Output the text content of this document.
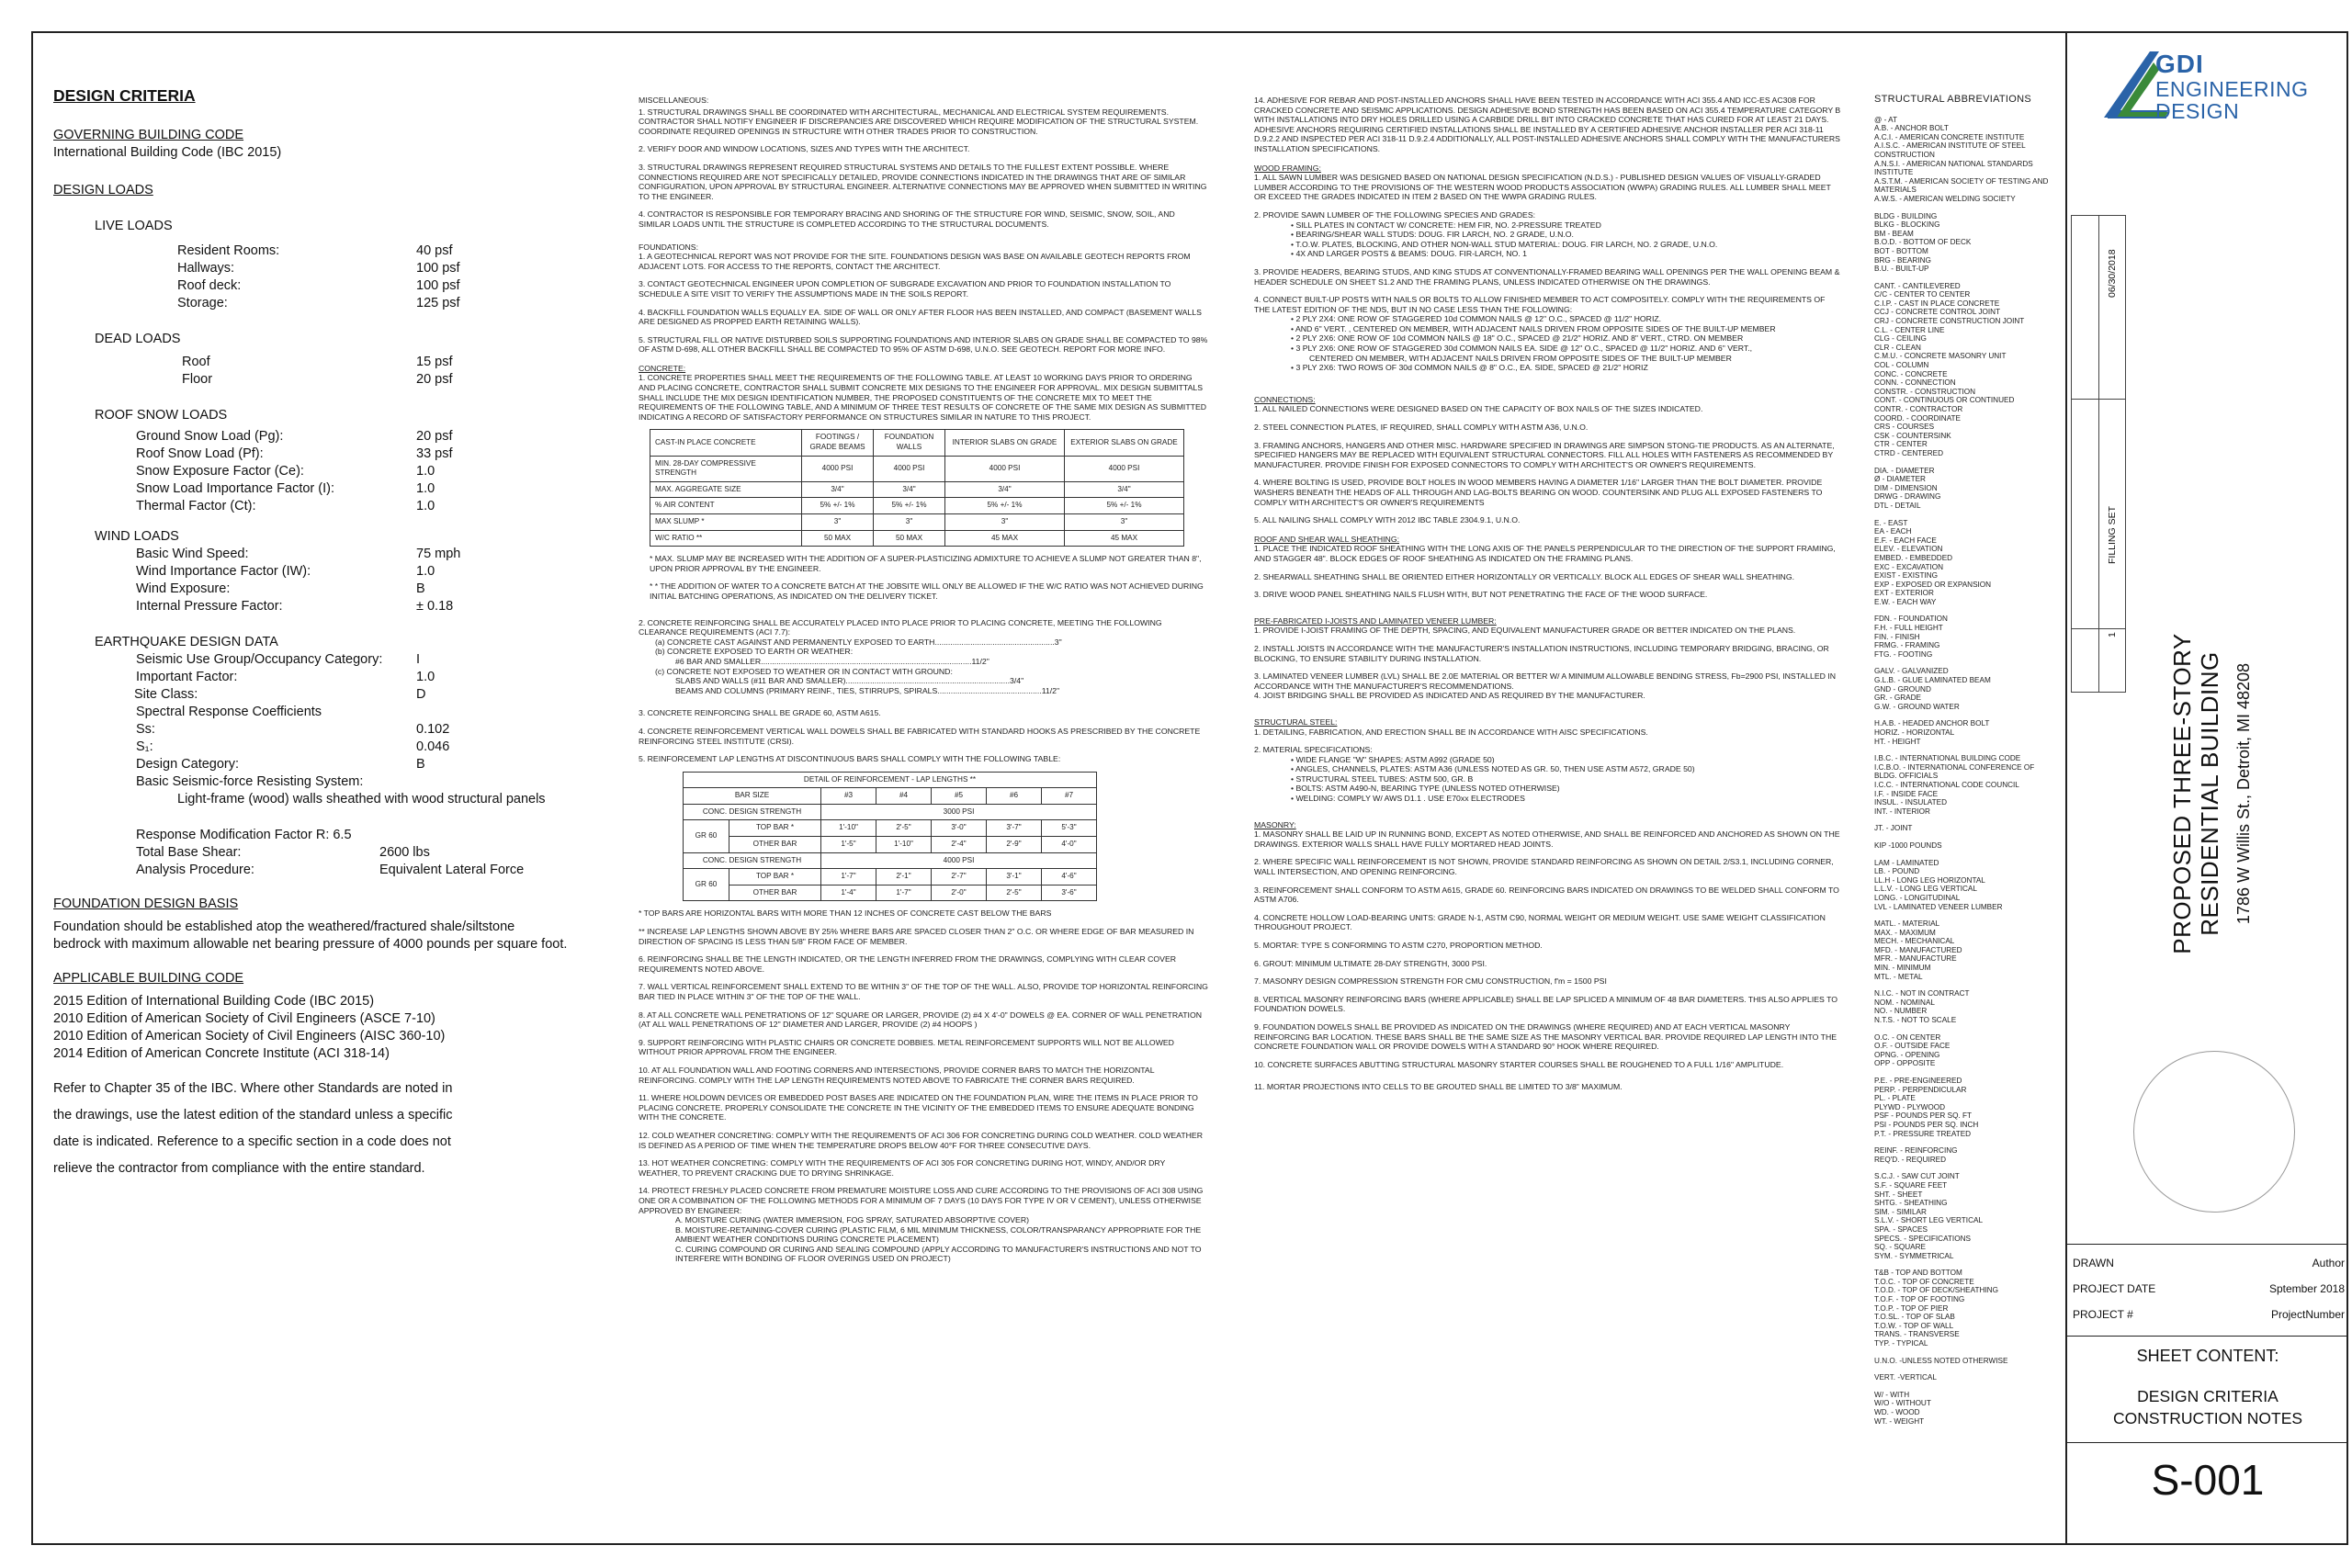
DESIGN CRITERIA
GOVERNING BUILDING CODE
International Building Code (IBC 2015)
DESIGN LOADS
LIVE LOADS
Resident Rooms:	40 psf
Hallways:	100 psf
Roof deck:	100 psf
Storage:	125 psf
DEAD LOADS
Roof	15 psf
Floor	20 psf
ROOF SNOW LOADS
Ground Snow Load (Pg):	20 psf
Roof Snow Load (Pf):	33 psf
Snow Exposure Factor (Ce):	1.0
Snow Load Importance Factor (I):	1.0
Thermal Factor (Ct):	1.0
WIND LOADS
Basic Wind Speed:	75 mph
Wind Importance Factor (IW):	1.0
Wind Exposure:	B
Internal Pressure Factor:	± 0.18
EARTHQUAKE DESIGN DATA
Seismic Use Group/Occupancy Category:	I
Important Factor:	1.0
Site Class:	D
Spectral Response Coefficients
Ss:	0.102
S₁:	0.046
Design Category:	B
Basic Seismic-force Resisting System:
Light-frame (wood) walls sheathed with wood structural panels
Response Modification Factor R: 6.5
Total Base Shear:	2600 lbs
Analysis Procedure:	Equivalent Lateral Force
FOUNDATION DESIGN BASIS
Foundation should be established atop the weathered/fractured shale/siltstone
bedrock with maximum allowable net bearing pressure of 4000 pounds per square foot.
APPLICABLE BUILDING CODE
2015 Edition of International Building Code (IBC 2015)
2010 Edition of American Society of Civil Engineers (ASCE 7-10)
2010 Edition of American Society of Civil Engineers (AISC 360-10)
2014 Edition of American Concrete Institute (ACI 318-14)
Refer to Chapter 35 of the IBC. Where other Standards are noted in
the drawings, use the latest edition of the standard unless a specific
date is indicated. Reference to a specific section in a code does not
relieve the contractor from compliance with the entire standard.
MISCELLANEOUS:
1. STRUCTURAL DRAWINGS SHALL BE COORDINATED WITH ARCHITECTURAL, MECHANICAL AND ELECTRICAL SYSTEM REQUIREMENTS. CONTRACTOR SHALL NOTIFY ENGINEER IF DISCREPANCIES ARE DISCOVERED WHICH REQUIRE MODIFICATION OF THE STRUCTURAL SYSTEM. COORDINATE REQUIRED OPENINGS IN STRUCTURE WITH OTHER TRADES PRIOR TO CONSTRUCTION.
2. VERIFY DOOR AND WINDOW LOCATIONS, SIZES AND TYPES WITH THE ARCHITECT.
3. STRUCTURAL DRAWINGS REPRESENT REQUIRED STRUCTURAL SYSTEMS AND DETAILS TO THE FULLEST EXTENT POSSIBLE. WHERE CONNECTIONS REQUIRED ARE NOT SPECIFICALLY DETAILED, PROVIDE CONNECTIONS INDICATED IN THE DRAWINGS THAT ARE OF SIMILAR CONFIGURATION, UPON APPROVAL BY STRUCTURAL ENGINEER. ALTERNATIVE CONNECTIONS MAY BE APPROVED WHEN SUBMITTED IN WRITING TO THE ENGINEER.
4. CONTRACTOR IS RESPONSIBLE FOR TEMPORARY BRACING AND SHORING OF THE STRUCTURE FOR WIND, SEISMIC, SNOW, SOIL, AND SIMILAR LOADS UNTIL THE STRUCTURE IS COMPLETED ACCORDING TO THE STRUCTURAL DOCUMENTS.
FOUNDATIONS:
1. A GEOTECHNICAL REPORT WAS NOT PROVIDE FOR THE SITE. FOUNDATIONS DESIGN WAS BASE ON AVAILABLE GEOTECH REPORTS FROM ADJACENT LOTS. FOR ACCESS TO THE REPORTS, CONTACT THE ARCHITECT.
3. CONTACT GEOTECHNICAL ENGINEER UPON COMPLETION OF SUBGRADE EXCAVATION AND PRIOR TO FOUNDATION INSTALLATION TO SCHEDULE A SITE VISIT TO VERIFY THE ASSUMPTIONS MADE IN THE SOILS REPORT.
4. BACKFILL FOUNDATION WALLS EQUALLY EA. SIDE OF WALL OR ONLY AFTER FLOOR HAS BEEN INSTALLED, AND COMPACT (BASEMENT WALLS ARE DESIGNED AS PROPPED EARTH RETAINING WALLS).
5. STRUCTURAL FILL OR NATIVE DISTURBED SOILS SUPPORTING FOUNDATIONS AND INTERIOR SLABS ON GRADE SHALL BE COMPACTED TO 98% OF ASTM D-698, ALL OTHER BACKFILL SHALL BE COMPACTED TO 95% OF ASTM D-698, U.N.O. SEE GEOTECH. REPORT FOR MORE INFO.
CONCRETE:
1. CONCRETE PROPERTIES SHALL MEET THE REQUIREMENTS OF THE FOLLOWING TABLE. AT LEAST 10 WORKING DAYS PRIOR TO ORDERING AND PLACING CONCRETE, CONTRACTOR SHALL SUBMIT CONCRETE MIX DESIGNS TO THE ENGINEER FOR APPROVAL. MIX DESIGN SUBMITTALS SHALL INCLUDE THE MIX DESIGN IDENTIFICATION NUMBER, THE PROPOSED CONSTITUENTS OF THE CONCRETE MIX TO MEET THE REQUIREMENTS OF THE FOLLOWING TABLE, AND A MINIMUM OF THREE TEST RESULTS OF CONCRETE OF THE SAME MIX DESIGN AS SUBMITTED INDICATING A RECORD OF SATISFACTORY PERFORMANCE ON STRUCTURES SIMILAR IN NATURE TO THIS PROJECT.
CAST-IN PLACE CONCRETE	FOOTINGS / GRADE BEAMS	FOUNDATION WALLS	INTERIOR SLABS ON GRADE	EXTERIOR SLABS ON GRADE
MIN. 28-DAY COMPRESSIVE STRENGTH	4000 PSI	4000 PSI	4000 PSI	4000 PSI
MAX. AGGREGATE SIZE	3/4"	3/4"	3/4"	3/4"
% AIR CONTENT	5% +/- 1%	5% +/- 1%	5% +/- 1%	5% +/- 1%
MAX SLUMP *	3"	3"	3"	3"
W/C RATIO **	50 MAX	50 MAX	45 MAX	45 MAX
* MAX. SLUMP MAY BE INCREASED WITH THE ADDITION OF A SUPER-PLASTICIZING ADMIXTURE TO ACHIEVE A SLUMP NOT GREATER THAN 8", UPON PRIOR APPROVAL BY THE ENGINEER.
* * THE ADDITION OF WATER TO A CONCRETE BATCH AT THE JOBSITE WILL ONLY BE ALLOWED IF THE W/C RATIO WAS NOT ACHIEVED DURING INITIAL BATCHING OPERATIONS, AS INDICATED ON THE DELIVERY TICKET.
2. CONCRETE REINFORCING SHALL BE ACCURATELY PLACED INTO PLACE PRIOR TO PLACING CONCRETE, MEETING THE FOLLOWING CLEARANCE REQUIREMENTS (ACI 7.7):
(a) CONCRETE CAST AGAINST AND PERMANENTLY EXPOSED TO EARTH......................................................3"
(b) CONCRETE EXPOSED TO EARTH OR WEATHER:
#6 BAR AND SMALLER...............................................................................................11/2"
(c) CONCRETE NOT EXPOSED TO WEATHER OR IN CONTACT WITH GROUND:
SLABS AND WALLS (#11 BAR AND SMALLER)..........................................................................3/4"
BEAMS AND COLUMNS (PRIMARY REINF., TIES, STIRRUPS, SPIRALS...............................................11/2"
3. CONCRETE REINFORCING SHALL BE GRADE 60, ASTM A615.
4. CONCRETE REINFORCEMENT VERTICAL WALL DOWELS SHALL BE FABRICATED WITH STANDARD HOOKS AS PRESCRIBED BY THE CONCRETE REINFORCING STEEL INSTITUTE (CRSI).
5. REINFORCEMENT LAP LENGTHS AT DISCONTINUOUS BARS SHALL COMPLY WITH THE FOLLOWING TABLE:
DETAIL OF REINFORCEMENT - LAP LENGTHS **						
BAR SIZE		#3	#4	#5	#6	#7
CONC. DESIGN STRENGTH		3000 PSI				
GR 60	TOP BAR *	1'-10"	2'-5"	3'-0"	3'-7"	5'-3"
	OTHER BAR	1'-5"	1'-10"	2'-4"	2'-9"	4'-0"
CONC. DESIGN STRENGTH		4000 PSI				
GR 60	TOP BAR *	1'-7"	2'-1"	2'-7"	3'-1"	4'-6"
	OTHER BAR	1'-4"	1'-7"	2'-0"	2'-5"	3'-6"
* TOP BARS ARE HORIZONTAL BARS WITH MORE THAN 12 INCHES OF CONCRETE CAST BELOW THE BARS
** INCREASE LAP LENGTHS SHOWN ABOVE BY 25% WHERE BARS ARE SPACED CLOSER THAN 2" O.C. OR WHERE EDGE OF BAR MEASURED IN DIRECTION OF SPACING IS LESS THAN 5/8" FROM FACE OF MEMBER.
6. REINFORCING SHALL BE THE LENGTH INDICATED, OR THE LENGTH INFERRED FROM THE DRAWINGS, COMPLYING WITH CLEAR COVER REQUIREMENTS NOTED ABOVE.
7. WALL VERTICAL REINFORCEMENT SHALL EXTEND TO BE WITHIN 3" OF THE TOP OF THE WALL. ALSO, PROVIDE TOP HORIZONTAL REINFORCING BAR TIED IN PLACE WITHIN 3" OF THE TOP OF THE WALL.
8. AT ALL CONCRETE WALL PENETRATIONS OF 12" SQUARE OR LARGER, PROVIDE (2) #4 X 4'-0" DOWELS @ EA. CORNER OF WALL PENETRATION (AT ALL WALL PENETRATIONS OF 12" DIAMETER AND LARGER, PROVIDE (2) #4 HOOPS )
9. SUPPORT REINFORCING WITH PLASTIC CHAIRS OR CONCRETE DOBBIES. METAL REINFORCEMENT SUPPORTS WILL NOT BE ALLOWED WITHOUT PRIOR APPROVAL FROM THE ENGINEER.
10. AT ALL FOUNDATION WALL AND FOOTING CORNERS AND INTERSECTIONS, PROVIDE CORNER BARS TO MATCH THE HORIZONTAL REINFORCING. COMPLY WITH THE LAP LENGTH REQUIREMENTS NOTED ABOVE TO FABRICATE THE CORNER BARS REQUIRED.
11. WHERE HOLDOWN DEVICES OR EMBEDDED POST BASES ARE INDICATED ON THE FOUNDATION PLAN, WIRE THE ITEMS IN PLACE PRIOR TO PLACING CONCRETE. PROPERLY CONSOLIDATE THE CONCRETE IN THE VICINITY OF THE EMBEDDED ITEMS TO ENSURE ADEQUATE BONDING WITH THE CONCRETE.
12. COLD WEATHER CONCRETING: COMPLY WITH THE REQUIREMENTS OF ACI 306 FOR CONCRETING DURING COLD WEATHER. COLD WEATHER IS DEFINED AS A PERIOD OF TIME WHEN THE TEMPERATURE DROPS BELOW 40°F FOR THREE CONSECUTIVE DAYS.
13. HOT WEATHER CONCRETING: COMPLY WITH THE REQUIREMENTS OF ACI 305 FOR CONCRETING DURING HOT, WINDY, AND/OR DRY WEATHER, TO PREVENT CRACKING DUE TO DRYING SHRINKAGE.
14. PROTECT FRESHLY PLACED CONCRETE FROM PREMATURE MOISTURE LOSS AND CURE ACCORDING TO THE PROVISIONS OF ACI 308 USING ONE OR A COMBINATION OF THE FOLLOWING METHODS FOR A MINIMUM OF 7 DAYS (10 DAYS FOR TYPE IV OR V CEMENT), UNLESS OTHERWISE APPROVED BY ENGINEER:
A. MOISTURE CURING (WATER IMMERSION, FOG SPRAY, SATURATED ABSORPTIVE COVER)
B. MOISTURE-RETAINING-COVER CURING (PLASTIC FILM, 6 MIL MINIMUM THICKNESS, COLOR/TRANSPARANCY APPROPRIATE FOR THE AMBIENT WEATHER CONDITIONS DURING CONCRETE PLACEMENT)
C. CURING COMPOUND OR CURING AND SEALING COMPOUND (APPLY ACCORDING TO MANUFACTURER'S INSTRUCTIONS AND NOT TO INTERFERE WITH BONDING OF FLOOR OVERINGS USED ON PROJECT)
14. ADHESIVE FOR REBAR AND POST-INSTALLED ANCHORS SHALL HAVE BEEN TESTED IN ACCORDANCE WITH ACI 355.4 AND ICC-ES AC308 FOR CRACKED CONCRETE AND SEISMIC APPLICATIONS. DESIGN ADHESIVE BOND STRENGTH HAS BEEN BASED ON ACI 355.4 TEMPERATURE CATEGORY B WITH INSTALLATIONS INTO DRY HOLES DRILLED USING A CARBIDE DRILL BIT INTO CRACKED CONCRETE THAT HAS CURED FOR AT LEAST 21 DAYS. ADHESIVE ANCHORS REQUIRING CERTIFIED INSTALLATIONS SHALL BE INSTALLED BY A CERTIFIED ADHESIVE ANCHOR INSTALLER PER ACI 318-11 D.9.2.2 AND INSPECTED PER ACI 318-11 D.9.2.4 ADDITIONALLY, ALL POST-INSTALLED ADHESIVE ANCHORS SHALL COMPLY WITH THE MANUFACTURERS INSTALLATION SPECIFICATIONS.
WOOD FRAMING:
1. ALL SAWN LUMBER WAS DESIGNED BASED ON NATIONAL DESIGN SPECIFICATION (N.D.S.) - PUBLISHED DESIGN VALUES OF VISUALLY-GRADED LUMBER ACCORDING TO THE PROVISIONS OF THE WESTERN WOOD PRODUCTS ASSOCIATION (WWPA) GRADING RULES. ALL LUMBER SHALL MEET OR EXCEED THE GRADES INDICATED IN ITEM 2 BASED ON THE WWPA GRADING RULES.
2. PROVIDE SAWN LUMBER OF THE FOLLOWING SPECIES AND GRADES:
• SILL PLATES IN CONTACT W/ CONCRETE: HEM FIR, NO. 2-PRESSURE TREATED
• BEARING/SHEAR WALL STUDS: DOUG. FIR LARCH, NO. 2 GRADE, U.N.O.
• T.O.W. PLATES, BLOCKING, AND OTHER NON-WALL STUD MATERIAL: DOUG. FIR LARCH, NO. 2 GRADE, U.N.O.
• 4X AND LARGER POSTS & BEAMS: DOUG. FIR-LARCH, NO. 1
3. PROVIDE HEADERS, BEARING STUDS, AND KING STUDS AT CONVENTIONALLY-FRAMED BEARING WALL OPENINGS PER THE WALL OPENING BEAM & HEADER SCHEDULE ON SHEET S1.2 AND THE FRAMING PLANS, UNLESS INDICATED OTHERWISE ON THE DRAWINGS.
4. CONNECT BUILT-UP POSTS WITH NAILS OR BOLTS TO ALLOW FINISHED MEMBER TO ACT COMPOSITELY. COMPLY WITH THE REQUIREMENTS OF THE LATEST EDITION OF THE NDS, BUT IN NO CASE LESS THAN THE FOLLOWING:
• 2 PLY 2X4: ONE ROW OF STAGGERED 10d COMMON NAILS @ 12" O.C., SPACED @ 11/2" HORIZ.
• AND 6" VERT. , CENTERED ON MEMBER, WITH ADJACENT NAILS DRIVEN FROM OPPOSITE SIDES OF THE BUILT-UP MEMBER
• 2 PLY 2X6: ONE ROW OF 10d COMMON NAILS @ 18" O.C., SPACED @ 21/2" HORIZ. AND 8" VERT., CTRD. ON MEMBER
• 3 PLY 2X6: ONE ROW OF STAGGERED 30d COMMON NAILS EA. SIDE @ 12" O.C., SPACED @ 11/2" HORIZ. AND 6" VERT.,
CENTERED ON MEMBER, WITH ADJACENT NAILS DRIVEN FROM OPPOSITE SIDES OF THE BUILT-UP MEMBER
• 3 PLY 2X6: TWO ROWS OF 30d COMMON NAILS @ 8" O.C., EA. SIDE, SPACED @ 21/2" HORIZ
CONNECTIONS:
1. ALL NAILED CONNECTIONS WERE DESIGNED BASED ON THE CAPACITY OF BOX NAILS OF THE SIZES INDICATED.
2. STEEL CONNECTION PLATES, IF REQUIRED, SHALL COMPLY WITH ASTM A36, U.N.O.
3. FRAMING ANCHORS, HANGERS AND OTHER MISC. HARDWARE SPECIFIED IN DRAWINGS ARE SIMPSON STONG-TIE PRODUCTS. AS AN ALTERNATE, SPECIFIED HANGERS MAY BE REPLACED WITH EQUIVALENT STRUCTURAL CONNECTORS. FILL ALL HOLES WITH FASTENERS AS RECOMMENDED BY MANUFACTURER. PROVIDE FINISH FOR EXPOSED CONNECTORS TO COMPLY WITH ARCHITECT'S OR OWNER'S REQUIREMENTS.
4. WHERE BOLTING IS USED, PROVIDE BOLT HOLES IN WOOD MEMBERS HAVING A DIAMETER 1/16" LARGER THAN THE BOLT DIAMETER. PROVIDE WASHERS BENEATH THE HEADS OF ALL THROUGH AND LAG-BOLTS BEARING ON WOOD. COUNTERSINK AND PLUG ALL EXPOSED FASTENERS TO COMPLY WITH ARCHITECT'S OR OWNER'S REQUIREMENTS
5. ALL NAILING SHALL COMPLY WITH 2012 IBC TABLE 2304.9.1, U.N.O.
ROOF AND SHEAR WALL SHEATHING:
1. PLACE THE INDICATED ROOF SHEATHING WITH THE LONG AXIS OF THE PANELS PERPENDICULAR TO THE DIRECTION OF THE SUPPORT FRAMING, AND STAGGER 48". BLOCK EDGES OF ROOF SHEATHING AS INDICATED ON THE FRAMING PLANS.
2. SHEARWALL SHEATHING SHALL BE ORIENTED EITHER HORIZONTALLY OR VERTICALLY. BLOCK ALL EDGES OF SHEAR WALL SHEATHING.
3. DRIVE WOOD PANEL SHEATHING NAILS FLUSH WITH, BUT NOT PENETRATING THE FACE OF THE WOOD SURFACE.
PRE-FABRICATED I-JOISTS AND LAMINATED VENEER LUMBER:
1. PROVIDE I-JOIST FRAMING OF THE DEPTH, SPACING, AND EQUIVALENT MANUFACTURER GRADE OR BETTER INDICATED ON THE PLANS.
2. INSTALL JOISTS IN ACCORDANCE WITH THE MANUFACTURER'S INSTALLATION INSTRUCTIONS, INCLUDING TEMPORARY BRIDGING, BRACING, OR BLOCKING, TO ENSURE STABILITY DURING INSTALLATION.
3. LAMINATED VENEER LUMBER (LVL) SHALL BE 2.0E MATERIAL OR BETTER W/ A MINIMUM ALLOWABLE BENDING STRESS, Fb=2900 PSI, INSTALLED IN ACCORDANCE WITH THE MANUFACTURER'S RECOMMENDATIONS.
4. JOIST BRIDGING SHALL BE PROVIDED AS INDICATED AND AS REQUIRED BY THE MANUFACTURER.
STRUCTURAL STEEL:
1. DETAILING, FABRICATION, AND ERECTION SHALL BE IN ACCORDANCE WITH AISC SPECIFICATIONS.
2. MATERIAL SPECIFICATIONS:
• WIDE FLANGE "W" SHAPES: ASTM A992 (GRADE 50)
• ANGLES, CHANNELS, PLATES: ASTM A36 (UNLESS NOTED AS GR. 50, THEN USE ASTM A572, GRADE 50)
• STRUCTURAL STEEL TUBES: ASTM 500, GR. B
• BOLTS: ASTM A490-N, BEARING TYPE (UNLESS NOTED OTHERWISE)
• WELDING: COMPLY W/ AWS D1.1 . USE E70xx ELECTRODES
MASONRY:
1. MASONRY SHALL BE LAID UP IN RUNNING BOND, EXCEPT AS NOTED OTHERWISE, AND SHALL BE REINFORCED AND ANCHORED AS SHOWN ON THE DRAWINGS. EXTERIOR WALLS SHALL HAVE FULLY MORTARED HEAD JOINTS.
2. WHERE SPECIFIC WALL REINFORCEMENT IS NOT SHOWN, PROVIDE STANDARD REINFORCING AS SHOWN ON DETAIL 2/S3.1, INCLUDING CORNER, WALL INTERSECTION, AND OPENING REINFORCING.
3. REINFORCEMENT SHALL CONFORM TO ASTM A615, GRADE 60. REINFORCING BARS INDICATED ON DRAWINGS TO BE WELDED SHALL CONFORM TO ASTM A706.
4. CONCRETE HOLLOW LOAD-BEARING UNITS: GRADE N-1, ASTM C90, NORMAL WEIGHT OR MEDIUM WEIGHT. USE SAME WEIGHT CLASSIFICATION THROUGHOUT PROJECT.
5. MORTAR: TYPE S CONFORMING TO ASTM C270, PROPORTION METHOD.
6. GROUT: MINIMUM ULTIMATE 28-DAY STRENGTH, 3000 PSI.
7. MASONRY DESIGN COMPRESSION STRENGTH FOR CMU CONSTRUCTION, f'm = 1500 PSI
8. VERTICAL MASONRY REINFORCING BARS (WHERE APPLICABLE) SHALL BE LAP SPLICED A MINIMUM OF 48 BAR DIAMETERS. THIS ALSO APPLIES TO FOUNDATION DOWELS.
9. FOUNDATION DOWELS SHALL BE PROVIDED AS INDICATED ON THE DRAWINGS (WHERE REQUIRED) AND AT EACH VERTICAL MASONRY REINFORCING BAR LOCATION. THESE BARS SHALL BE THE SAME SIZE AS THE MASONRY VERTICAL BAR. PROVIDE REQUIRED LAP LENGTH INTO THE CONCRETE FOUNDATION WALL OR PROVIDE DOWELS WITH A STANDARD 90° HOOK WHERE REQUIRED.
10. CONCRETE SURFACES ABUTTING STRUCTURAL MASONRY STARTER COURSES SHALL BE ROUGHENED TO A FULL 1/16" AMPLITUDE.
11. MORTAR PROJECTIONS INTO CELLS TO BE GROUTED SHALL BE LIMITED TO 3/8" MAXIMUM.
STRUCTURAL ABBREVIATIONS
@ - AT
A.B. - ANCHOR BOLT
A.C.I. - AMERICAN CONCRETE INSTITUTE
A.I.S.C. - AMERICAN INSTITUTE OF STEEL CONSTRUCTION
A.N.S.I. - AMERICAN NATIONAL STANDARDS INSTITUTE
A.S.T.M. - AMERICAN SOCIETY OF TESTING AND MATERIALS
A.W.S. - AMERICAN WELDING SOCIETY
BLDG - BUILDING
BLKG - BLOCKING
BM - BEAM
B.O.D. - BOTTOM OF DECK
BOT - BOTTOM
BRG - BEARING
B.U. - BUILT-UP
CANT. - CANTILEVERED
C/C - CENTER TO CENTER
C.I.P. - CAST IN PLACE CONCRETE
CCJ - CONCRETE CONTROL JOINT
CRJ - CONCRETE CONSTRUCTION JOINT
C.L. - CENTER LINE
CLG - CEILING
CLR - CLEAN
C.M.U. - CONCRETE MASONRY UNIT
COL - COLUMN
CONC. - CONCRETE
CONN. - CONNECTION
CONSTR. - CONSTRUCTION
CONT. - CONTINUOUS OR CONTINUED
CONTR. - CONTRACTOR
COORD. - COORDINATE
CRS - COURSES
CSK - COUNTERSINK
CTR - CENTER
CTRD - CENTERED
DIA. - DIAMETER
Ø - DIAMETER
DIM - DIMENSION
DRWG - DRAWING
DTL - DETAIL
E. - EAST
EA - EACH
E.F. - EACH FACE
ELEV. - ELEVATION
EMBED. - EMBEDDED
EXC - EXCAVATION
EXIST - EXISTING
EXP - EXPOSED OR EXPANSION
EXT - EXTERIOR
E.W. - EACH WAY
FDN. - FOUNDATION
F.H. - FULL HEIGHT
FIN. - FINISH
FRMG. - FRAMING
FTG. - FOOTING
GALV. - GALVANIZED
G.L.B. - GLUE LAMINATED BEAM
GND - GROUND
GR. - GRADE
G.W. - GROUND WATER
H.A.B. - HEADED ANCHOR BOLT
HORIZ. - HORIZONTAL
HT. - HEIGHT
I.B.C. - INTERNATIONAL BUILDING CODE
I.C.B.O. - INTERNATIONAL CONFERENCE OF BLDG. OFFICIALS
I.C.C. - INTERNATIONAL CODE COUNCIL
I.F. - INSIDE FACE
INSUL. - INSULATED
INT. - INTERIOR
JT. - JOINT
KIP -1000 POUNDS
LAM - LAMINATED
LB. - POUND
LL.H - LONG LEG HORIZONTAL
L.L.V. - LONG LEG VERTICAL
LONG. - LONGITUDINAL
LVL - LAMINATED VENEER LUMBER
MATL. - MATERIAL
MAX. - MAXIMUM
MECH. - MECHANICAL
MFD. - MANUFACTURED
MFR. - MANUFACTURE
MIN. - MINIMUM
MTL. - METAL
N.I.C. - NOT IN CONTRACT
NOM. - NOMINAL
NO. - NUMBER
N.T.S. - NOT TO SCALE
O.C. - ON CENTER
O.F. - OUTSIDE FACE
OPNG. - OPENING
OPP - OPPOSITE
P.E. - PRE-ENGINEERED
PERP. - PERPENDICULAR
PL. - PLATE
PLYWD - PLYWOOD
PSF - POUNDS PER SQ. FT
PSI - POUNDS PER SQ. INCH
P.T. - PRESSURE TREATED
REINF. - REINFORCING
REQ'D. - REQUIRED
S.C.J. - SAW CUT JOINT
S.F. - SQUARE FEET
SHT. - SHEET
SHTG. - SHEATHING
SIM. - SIMILAR
S.L.V. - SHORT LEG VERTICAL
SPA. - SPACES
SPECS. - SPECIFICATIONS
SQ. - SQUARE
SYM. - SYMMETRICAL
T&B - TOP AND BOTTOM
T.O.C. - TOP OF CONCRETE
T.O.D. - TOP OF DECK/SHEATHING
T.O.F. - TOP OF FOOTING
T.O.P. - TOP OF PIER
T.O.SL. - TOP OF SLAB
T.O.W. - TOP OF WALL
TRANS. - TRANSVERSE
TYP. - TYPICAL
U.N.O. -UNLESS NOTED OTHERWISE
VERT. -VERTICAL
W/ - WITH
W/O - WITHOUT
WD. - WOOD
WT. - WEIGHT
GDI
ENGINEERING
DESIGN
06/30/2018
FILLING SET
1 PROPOSED THREE-STORY RESIDENTIAL BUILDING 1786 W Willis St., Detroit, MI 48208
DRAWN	Author
PROJECT DATE	Sptember 2018
PROJECT #	ProjectNumber
SHEET CONTENT:
DESIGN CRITERIA
CONSTRUCTION NOTES
S-001
